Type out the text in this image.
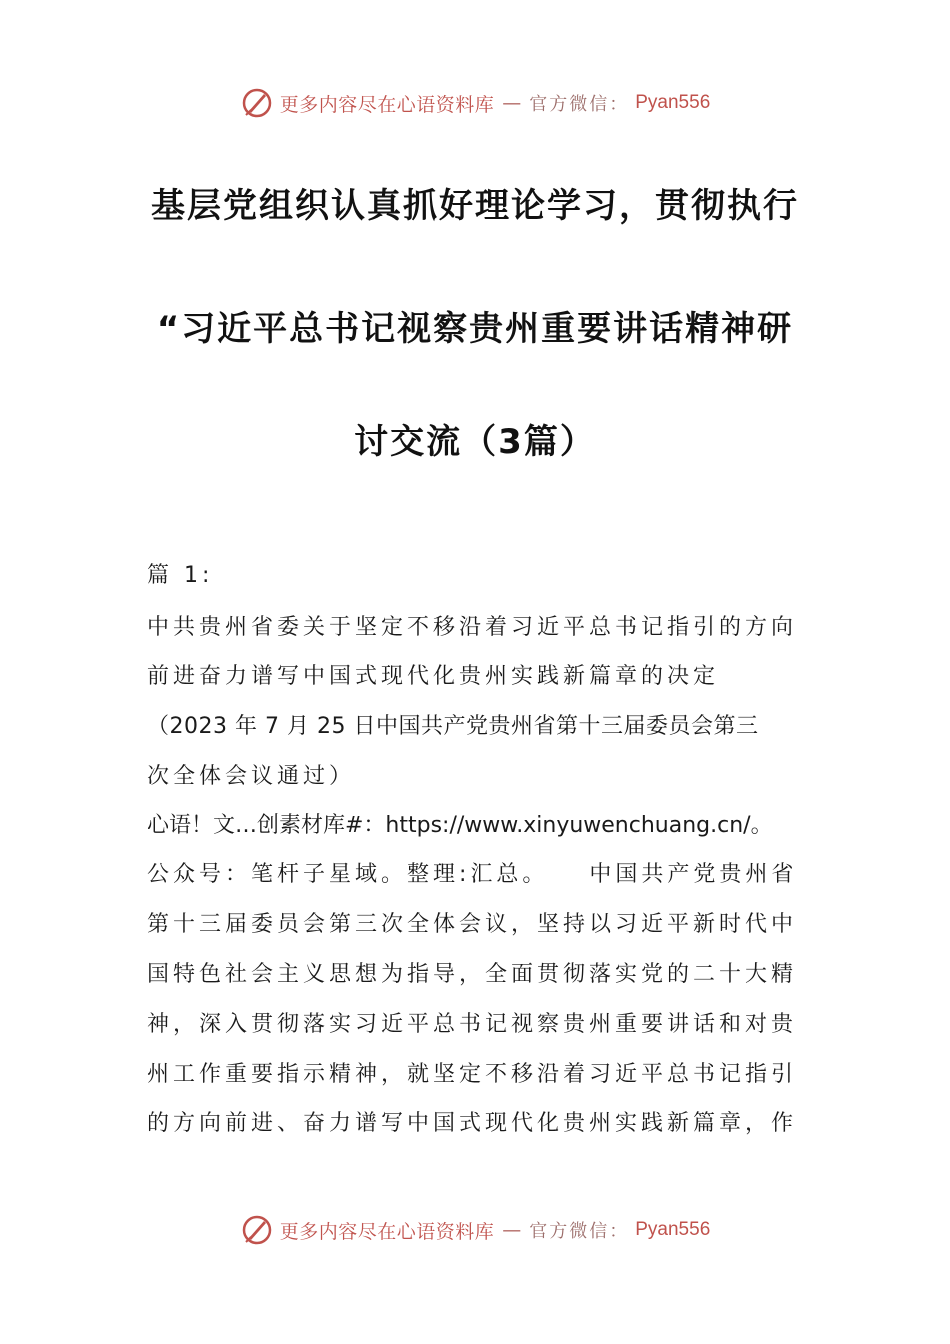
更多内容尽在心语资料库 — 官方微信： Pyan556
基层党组织认真抓好理论学习，贯彻执行
“习近平总书记视察贵州重要讲话精神研
讨交流（3篇）
篇 1:
中共贵州省委关于坚定不移沿着习近平总书记指引的方向
前进奋力谱写中国式现代化贵州实践新篇章的决定
（2023 年 7 月 25 日中国共产党贵州省第十三届委员会第三
次全体会议通过）
心语！文…创素材库#：https://www.xinyuwenchuang.cn/。
公众号：笔杆子星域。整理:汇总。　　中国共产党贵州省
第十三届委员会第三次全体会议，坚持以习近平新时代中
国特色社会主义思想为指导，全面贯彻落实党的二十大精
神，深入贯彻落实习近平总书记视察贵州重要讲话和对贵
州工作重要指示精神，就坚定不移沿着习近平总书记指引
的方向前进、奋力谱写中国式现代化贵州实践新篇章，作
更多内容尽在心语资料库 — 官方微信： Pyan556
